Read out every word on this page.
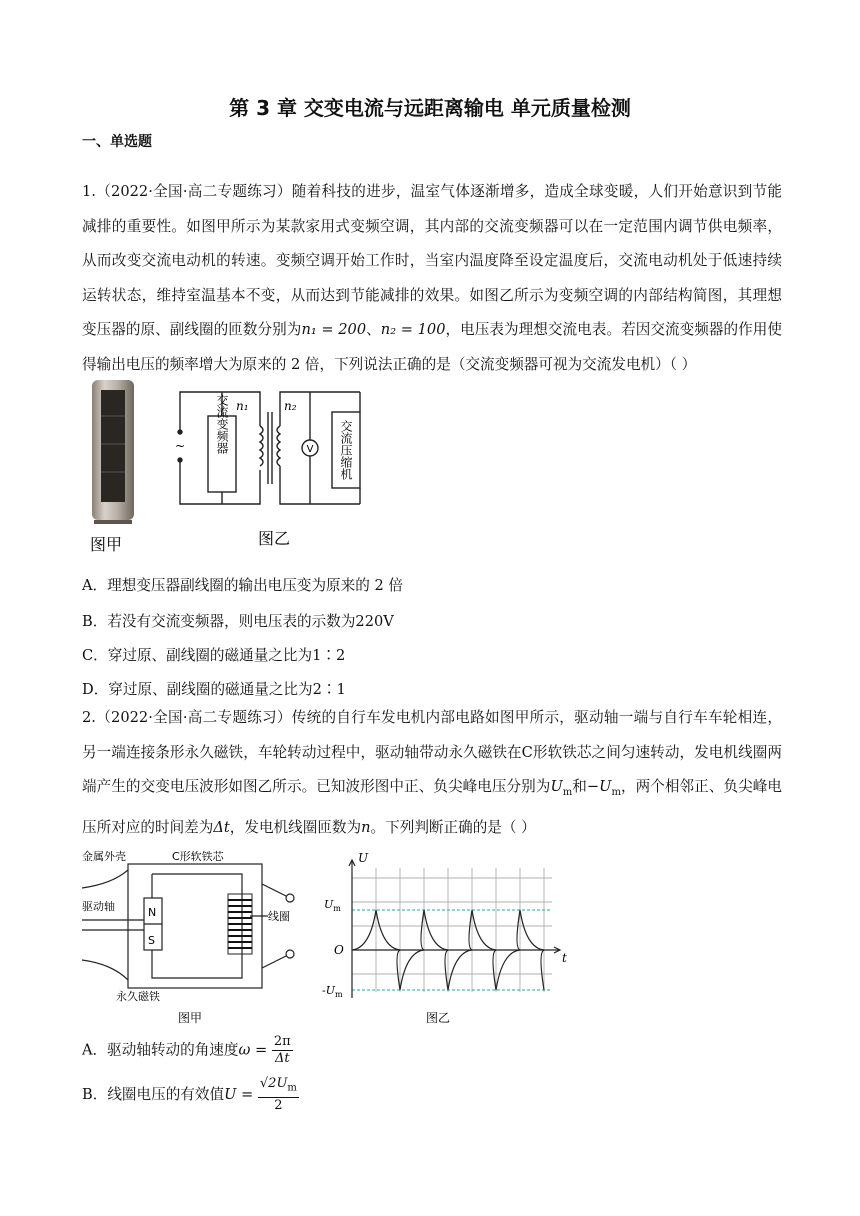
第 3 章 交变电流与远距离输电 单元质量检测
一、单选题
1.（2022·全国·高二专题练习）随着科技的进步，温室气体逐渐增多，造成全球变暖，人们开始意识到节能减排的重要性。如图甲所示为某款家用式变频空调，其内部的交流变频器可以在一定范围内调节供电频率，从而改变交流电动机的转速。变频空调开始工作时，当室内温度降至设定温度后，交流电动机处于低速持续运转状态，维持室温基本不变，从而达到节能减排的效果。如图乙所示为变频空调的内部结构简图，其理想变压器的原、副线圈的匝数分别为n₁ = 200、n₂ = 100，电压表为理想交流电表。若因交流变频器的作用使得输出电压的频率增大为原来的 2 倍，下列说法正确的是（交流变频器可视为交流发电机）（ ）
图甲
~
n₁	n₂
V
交流变频器	交流压缩机
图乙
A．理想变压器副线圈的输出电压变为原来的 2 倍
B．若没有交流变频器，则电压表的示数为220V
C．穿过原、副线圈的磁通量之比为1∶2
D．穿过原、副线圈的磁通量之比为2∶1
2.（2022·全国·高二专题练习）传统的自行车发电机内部电路如图甲所示，驱动轴一端与自行车车轮相连，另一端连接条形永久磁铁，车轮转动过程中，驱动轴带动永久磁铁在C形软铁芯之间匀速转动，发电机线圈两端产生的交变电压波形如图乙所示。已知波形图中正、负尖峰电压分别为$U_m$和$-U_m$，两个相邻正、负尖峰电压所对应的时间差为Δt，发电机线圈匝数为n。下列判断正确的是（ ）
金属外壳	C形软铁芯
驱动轴
线圈
永久磁铁
N
S
图甲
U
t
O
$U_m$
$-U_m$
图乙
A．驱动轴转动的角速度$\omega = \frac{2\pi}{\Delta t}$
B．线圈电压的有效值$U = \frac{√2U_m}{2}$
